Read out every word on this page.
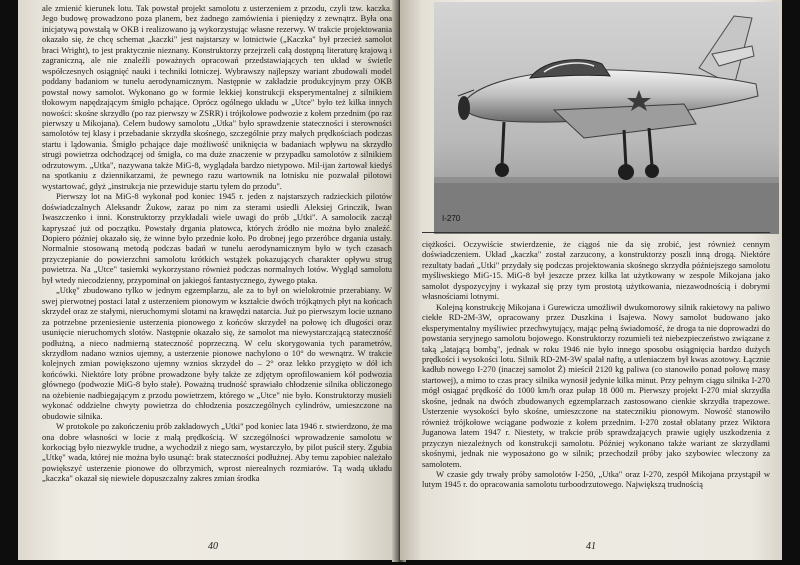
ale zmienić kierunek lotu. Tak powstał projekt samolotu z usterzeniem z przodu, czyli tzw. kaczka. Jego budowę prowadzono poza planem, bez żadnego zamówienia i pieniędzy z zewnątrz. Była ona inicjatywą powstałą w OKB i realizowano ją wykorzystując własne rezerwy. W trakcie projektowania okazało się, że chcę schemat „kaczki" jest najstarszy w lotnictwie („Kaczka" był przecież samolot braci Wright), to jest praktycznie nieznany. Konstruktorzy przejrzeli całą dostępną literaturę krajową i zagraniczną, ale nie znaleźli poważnych opracowań przedstawiających ten układ w świetle współczesnych osiągnięć nauki i techniki lotniczej. Wybrawszy najlepszy wariant zbudowali model poddany badaniom w tunelu aerodynamicznym. Następnie w zakładzie produkcyjnym przy OKB powstał nowy samolot. Wykonano go w formie lekkiej konstrukcji eksperymentalnej z silnikiem tłokowym napędzającym śmigło pchające. Oprócz ogólnego układu w „Utce" było też kilka innych nowości: skośne skrzydło (po raz pierwszy w ZSRR) i trójkołowe podwozie z kołem przednim (po raz pierwszy u Mikojana). Celem budowy samolotu „Utka" było sprawdzenie stateczności i sterowności samolotów tej klasy i przebadanie skrzydła skośnego, szczególnie przy małych prędkościach podczas startu i lądowania. Śmigło pchające daje możliwość uniknięcia w badaniach wpływu na skrzydło strugi powietrza odchodzącej od śmigła, co ma duże znaczenie w przypadku samolotów z silnikiem odrzutowym. „Utka", nazywana także MiG-8, wyglądała bardzo nietypowo. Mil-ijan żartował kiedyś na spotkaniu z dziennikarzami, że pewnego razu wartownik na lotnisku nie pozwalał pilotowi wystartować, gdyż „instrukcja nie przewiduje startu tyłem do przodu".

Pierwszy lot na MiG-8 wykonał pod koniec 1945 r. jeden z najstarszych radzieckich pilotów doświadczalnych Aleksandr Żukow, zaraz po nim za sterami usiedli Aleksiej Grinczik, Iwan Iwaszczenko i inni. Konstruktorzy przykładali wiele uwagi do prób „Utki". A samolocik zaczął kapryszać już od początku. Powstały drgania płatowca, których źródło nie można było znaleźć. Dopiero później okazało się, że winne było przednie koło. Po drobnej jego przeróbce drgania ustały. Normalnie stosowaną metodą podczas badań w tunelu aerodynamicznym było w tych czasach przyczepianie do powierzchni samolotu krótkich wstążek pokazujących charakter opływu strug powietrza. Na „Utce" tasiemki wykorzystano również podczas normalnych lotów. Wygląd samolotu był wtedy niecodzienny, przypominał on jakiegoś fantastycznego, żywego ptaka.

„Utkę" zbudowano tylko w jednym egzemplarzu, ale za to był on wielokrotnie przerabiany. W swej pierwotnej postaci latał z usterzeniem pionowym w kształcie dwóch trójkątnych płyt na końcach skrzydeł oraz ze stałymi, nieruchomymi slotami na krawędzi natarcia. Już po pierwszym locie uznano za potrzebne przeniesienie usterzenia pionowego z końców skrzydeł na połowę ich długości oraz usunięcie nieruchomych slotów. Następnie okazało się, że samolot ma niewystarczającą stateczność podłużną, a nieco nadmierną stateczność poprzeczną. W celu skorygowania tych parametrów, skrzydłom nadano wznios ujemny, a usterzenie pionowe nachylono o 10° do wewnątrz. W trakcie kolejnych zmian powiększono ujemny wznios skrzydeł do – 2° oraz lekko przygięto w dół ich końcówki. Niektóre loty próbne prowadzone były także ze zdjętym oprofilowaniem kół podwozia głównego (podwozie MiG-8 było stałe). Poważną trudność sprawiało chłodzenie silnika obliczonego na ożebienie nadbiegającym z przodu powietrzem, którego w „Utce" nie było. Konstruktorzy musieli wykonać oddzielne chwyty powietrza do chłodzenia poszczególnych cylindrów, umieszczone na obudowie silnika.

W protokole po zakończeniu prób zakładowych „Utki" pod koniec lata 1946 r. stwierdzono, że ma ona dobre własności w locie z małą prędkością. W szczególności wprowadzenie samolotu w korkociąg było niezwykle trudne, a wychodził z niego sam, wystarczyło, by pilot puścił stery. Zgubia „Utkę" wada, której nie można było usunąć: brak stateczności podłużnej. Aby temu zapobiec należało powiększyć usterzenie pionowe do olbrzymich, wprost nierealnych rozmiarów. Tą wadą układu „kaczka" okazał się niewiele dopuszczalny zakres zmian środka

40
I-270

ciężkości. Oczywiście stwierdzenie, że ciągoś nie da się zrobić, jest również cennym doświadczeniem. Układ „kaczka" został zarzucony, a konstruktorzy poszli inną drogą. Niektóre rezultaty badań „Utki" przydały się podczas projektowania skośnego skrzydła późniejszego samolotu myśliwskiego MiG-15. MiG-8 był jeszcze przez kilka lat użytkowany w zespole Mikojana jako samolot dyspozycyjny i wykazał się przy tym prostotą użytkowania, niezawodnością i dobrymi własnościami lotnymi.

Kolejną konstrukcję Mikojana i Gurewicza umożliwił dwukomorowy silnik rakietowy na paliwo ciekłe RD-2M-3W, opracowany przez Duszkina i Isajewa. Nowy samolot budowano jako eksperymentalny myśliwiec przechwytujący, mając pełną świadomość, że droga ta nie doprowadzi do powstania seryjnego samolotu bojowego. Konstruktorzy rozumieli też niebezpieczeństwo związane z taką „latającą bombą", jednak w roku 1946 nie było innego sposobu osiągnięcia bardzo dużych prędkości i wysokości lotu. Silnik RD-2M-3W spalał naftę, a utleniaczem był kwas azotowy. Łącznie kadłub nowego I-270 (inaczej samolot Ż) mieścił 2120 kg paliwa (co stanowiło ponad połowę masy startowej), a mimo to czas pracy silnika wynosił jedynie kilka minut. Przy pełnym ciągu silnika I-270 mógł osiągać prędkość do 1000 km/h oraz pułap 18 000 m. Pierwszy projekt I-270 miał skrzydła skośne, jednak na dwóch zbudowanych egzemplarzach zastosowano cienkie skrzydła trapezowe. Usterzenie wysokości było skośne, umieszczone na statecznikiu pionowym. Nowość stanowiło również trójkołowe wciągane podwozie z kołem przednim. I-270 został oblatany przez Wiktora Juganowa latem 1947 r. Niestety, w trakcie prób sprawdzających prawie ugięły uszkodzenia z przyczyn niezależnych od konstrukcji samolotu. Później wykonano także wariant ze skrzydłami skośnymi, jednak nie wyposażono go w silnik; przechodził próby jako szybowiec wleczony za samolotem.

W czasie gdy trwały próby samolotów I-250, „Utka" oraz I-270, zespół Mikojana przystąpił w lutym 1945 r. do opracowania samolotu turboodrzutowego. Największą trudnością

41
